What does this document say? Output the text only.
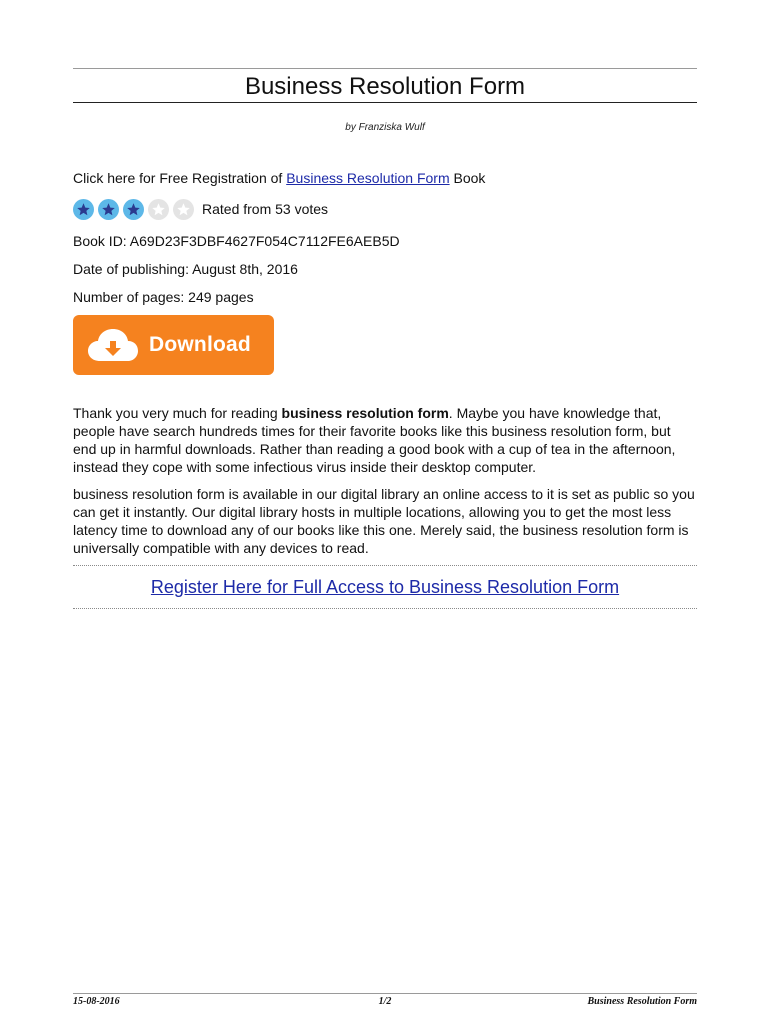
Business Resolution Form
by Franziska Wulf
Click here for Free Registration of Business Resolution Form Book
Rated from 53 votes
Book ID: A69D23F3DBF4627F054C7112FE6AEB5D
Date of publishing: August 8th, 2016
Number of pages: 249 pages
Download
Thank you very much for reading business resolution form. Maybe you have knowledge that, people have search hundreds times for their favorite books like this business resolution form, but end up in harmful downloads. Rather than reading a good book with a cup of tea in the afternoon, instead they cope with some infectious virus inside their desktop computer.
business resolution form is available in our digital library an online access to it is set as public so you can get it instantly. Our digital library hosts in multiple locations, allowing you to get the most less latency time to download any of our books like this one. Merely said, the business resolution form is universally compatible with any devices to read.
Register Here for Full Access to Business Resolution Form
15-08-2016	1/2	Business Resolution Form
